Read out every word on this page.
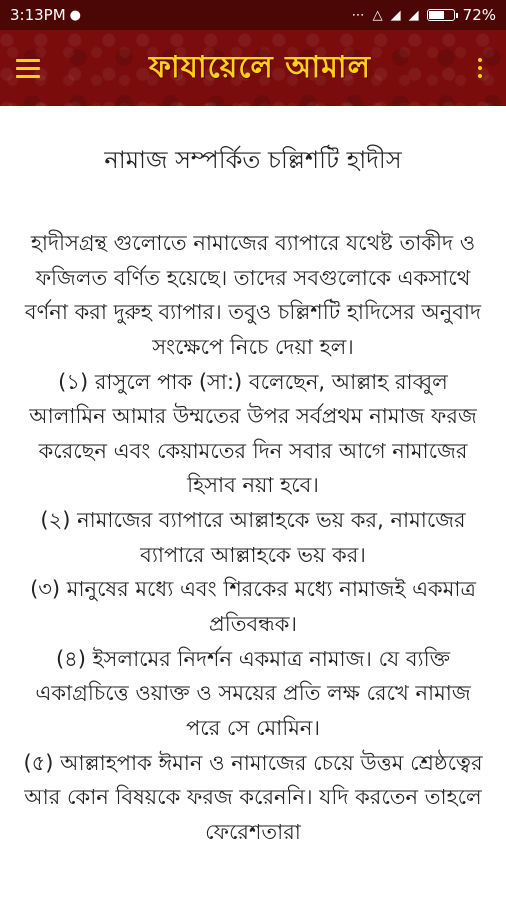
3:13PM ●	⋯ △ ◢ ◢	72%
ফাযায়েলে আমাল
নামাজ সম্পর্কিত চল্লিশটি হাদীস

হাদীসগ্রন্থ গুলোতে নামাজের ব্যাপারে যথেষ্ট তাকীদ ও ফজিলত বর্ণিত হয়েছে। তাদের সবগুলোকে একসাথে বর্ণনা করা দুরুহ ব্যাপার। তবুও চল্লিশটি হাদিসের অনুবাদ সংক্ষেপে নিচে দেয়া হল।

(১) রাসুলে পাক (সা:) বলেছেন, আল্লাহ রাব্বুল আলামিন আমার উম্মতের উপর সর্বপ্রথম নামাজ ফরজ করেছেন এবং কেয়ামতের দিন সবার আগে নামাজের হিসাব নয়া হবে।

(২) নামাজের ব্যাপারে আল্লাহকে ভয় কর, নামাজের ব্যাপারে আল্লাহকে ভয় কর।

(৩) মানুষের মধ্যে এবং শিরকের মধ্যে নামাজই একমাত্র প্রতিবন্ধক।

(৪) ইসলামের নিদর্শন একমাত্র নামাজ। যে ব্যক্তি একাগ্রচিত্তে ওয়াক্ত ও সময়ের প্রতি লক্ষ রেখে নামাজ পরে সে মোমিন।

(৫) আল্লাহপাক ঈমান ও নামাজের চেয়ে উত্তম শ্রেষ্ঠত্বের আর কোন বিষয়কে ফরজ করেননি। যদি করতেন তাহলে ফেরেশতারা
